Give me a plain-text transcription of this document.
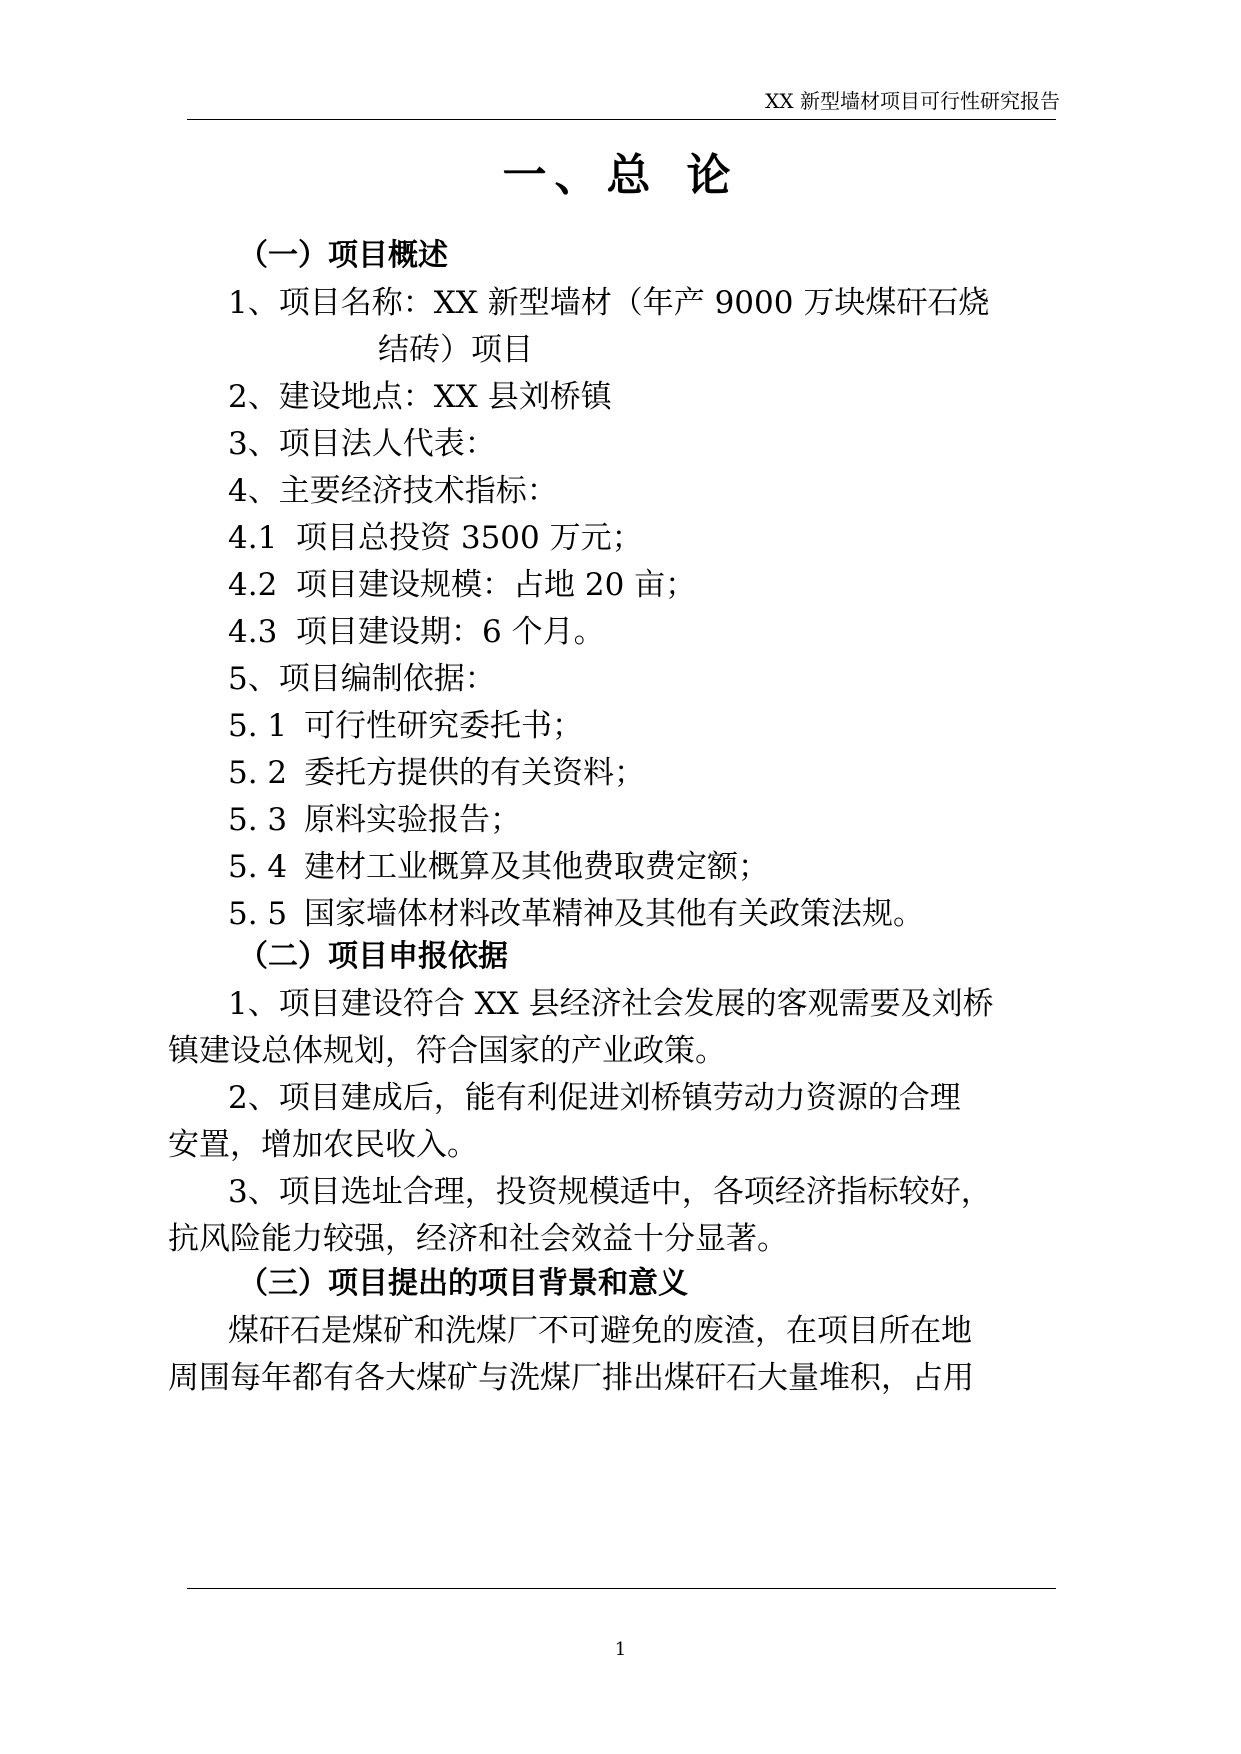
XX 新型墙材项目可行性研究报告
一、总 论
（一）项目概述
1、项目名称：XX 新型墙材（年产 9000 万块煤矸石烧
结砖）项目
2、建设地点：XX 县刘桥镇
3、项目法人代表：
4、主要经济技术指标：
4.1 项目总投资 3500 万元；
4.2 项目建设规模：占地 20 亩；
4.3 项目建设期：6 个月。
5、项目编制依据：
5. 1 可行性研究委托书；
5. 2 委托方提供的有关资料；
5. 3 原料实验报告；
5. 4 建材工业概算及其他费取费定额；
5. 5 国家墙体材料改革精神及其他有关政策法规。
（二）项目申报依据
1、项目建设符合 XX 县经济社会发展的客观需要及刘桥
镇建设总体规划，符合国家的产业政策。
2、项目建成后，能有利促进刘桥镇劳动力资源的合理
安置，增加农民收入。
3、项目选址合理，投资规模适中，各项经济指标较好，
抗风险能力较强，经济和社会效益十分显著。
（三）项目提出的项目背景和意义
煤矸石是煤矿和洗煤厂不可避免的废渣，在项目所在地
周围每年都有各大煤矿与洗煤厂排出煤矸石大量堆积，占用
1
